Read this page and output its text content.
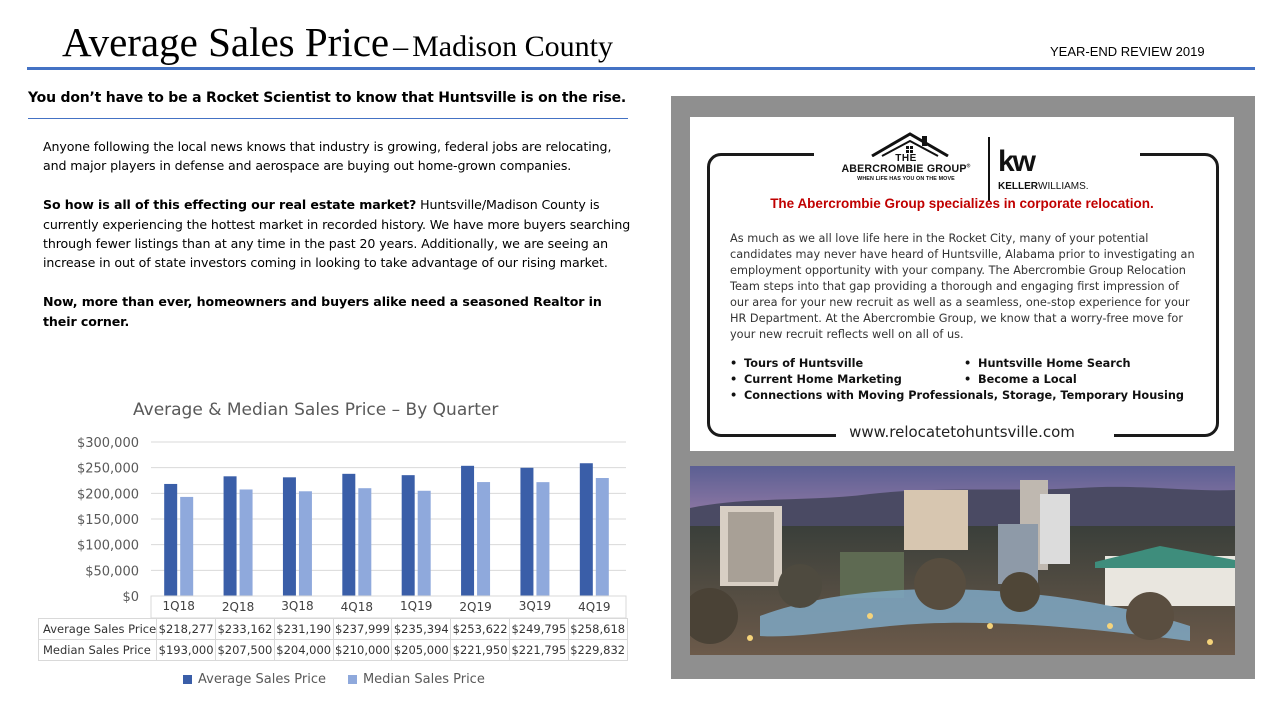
Average Sales Price – Madison County	YEAR-END REVIEW 2019
You don’t have to be a Rocket Scientist to know that Huntsville is on the rise.

Anyone following the local news knows that industry is growing, federal jobs are relocating, and major players in defense and aerospace are buying out home-grown companies.

So how is all of this effecting our real estate market? Huntsville/Madison County is currently experiencing the hottest market in recorded history. We have more buyers searching through fewer listings than at any time in the past 20 years. Additionally, we are seeing an increase in out of state investors coming in looking to take advantage of our rising market.

Now, more than ever, homeowners and buyers alike need a seasoned Realtor in their corner.

Average & Median Sales Price – By Quarter
$0
$50,000
$100,000
$150,000
$200,000
$250,000
$300,000
1Q18 2Q18 3Q18 4Q18 1Q19 2Q19 3Q19 4Q19
Average Sales Price	$218,277	$233,162	$231,190	$237,999	$235,394	$253,622	$249,795	$258,618
Median Sales Price	$193,000	$207,500	$204,000	$210,000	$205,000	$221,950	$221,795	$229,832
Average Sales Price	Median Sales Price
THE
ABERCROMBIE GROUP®
WHEN LIFE HAS YOU ON THE MOVE
kw
KELLERWILLIAMS.
The Abercrombie Group specializes in corporate relocation.
As much as we all love life here in the Rocket City, many of your potential candidates may never have heard of Huntsville, Alabama prior to investigating an employment opportunity with your company. The Abercrombie Group Relocation Team steps into that gap providing a thorough and engaging first impression of our area for your new recruit as well as a seamless, one-stop experience for your HR Department. At the Abercrombie Group, we know that a worry-free move for your new recruit reflects well on all of us.
• Tours of Huntsville	• Huntsville Home Search
• Current Home Marketing	• Become a Local
• Connections with Moving Professionals, Storage, Temporary Housing
www.relocatetohuntsville.com
